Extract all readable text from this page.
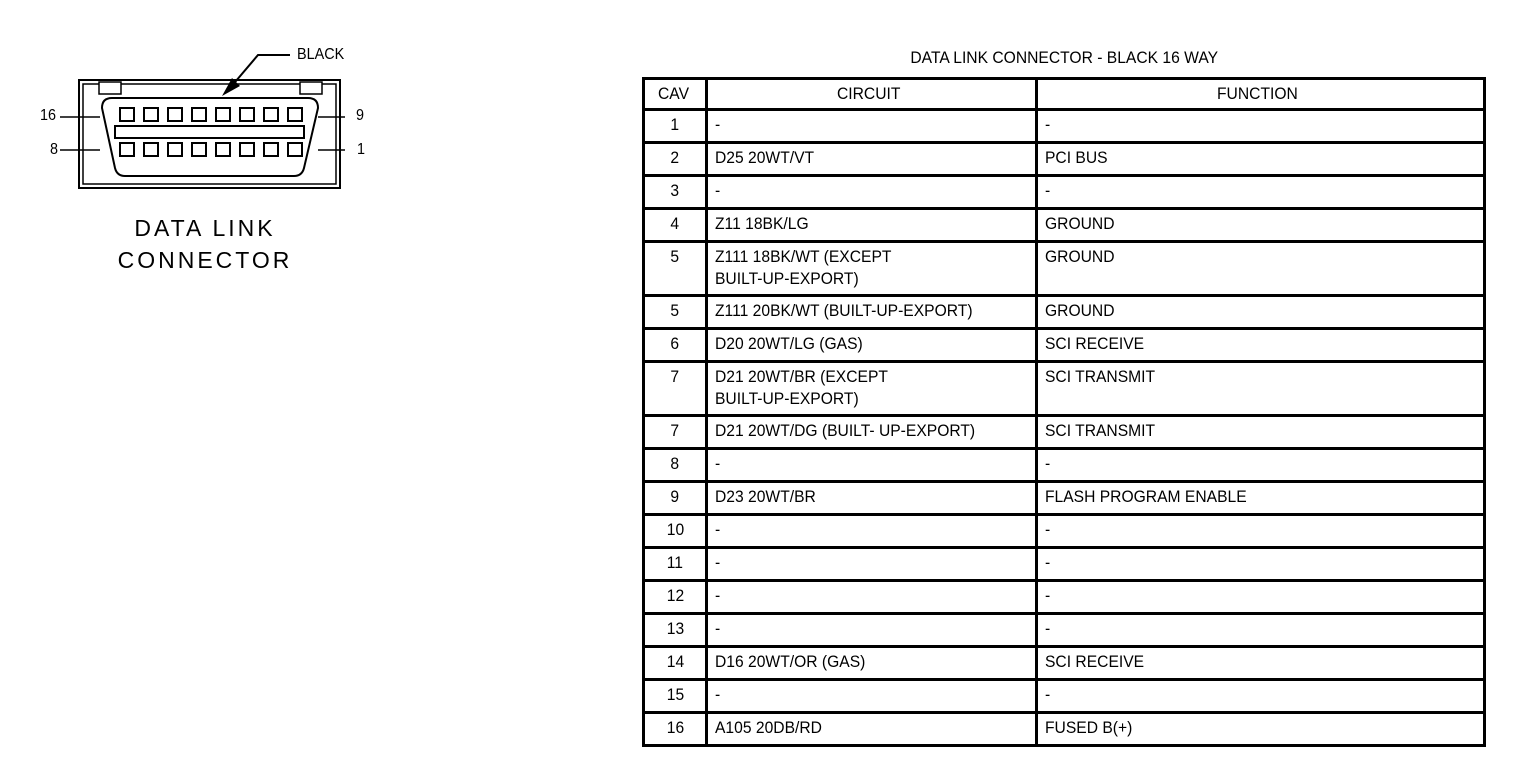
BLACK
16
8
9
1
DATA LINK
CONNECTOR
DATA LINK CONNECTOR - BLACK 16 WAY
CAV	CIRCUIT	FUNCTION
1	-	-
2	D25 20WT/VT	PCI BUS
3	-	-
4	Z11 18BK/LG	GROUND
5	Z111 18BK/WT (EXCEPT
BUILT-UP-EXPORT)	GROUND
5	Z111 20BK/WT (BUILT-UP-EXPORT)	GROUND
6	D20 20WT/LG (GAS)	SCI RECEIVE
7	D21 20WT/BR (EXCEPT
BUILT-UP-EXPORT)	SCI TRANSMIT
7	D21 20WT/DG (BUILT- UP-EXPORT)	SCI TRANSMIT
8	-	-
9	D23 20WT/BR	FLASH PROGRAM ENABLE
10	-	-
11	-	-
12	-	-
13	-	-
14	D16 20WT/OR (GAS)	SCI RECEIVE
15	-	-
16	A105 20DB/RD	FUSED B(+)
